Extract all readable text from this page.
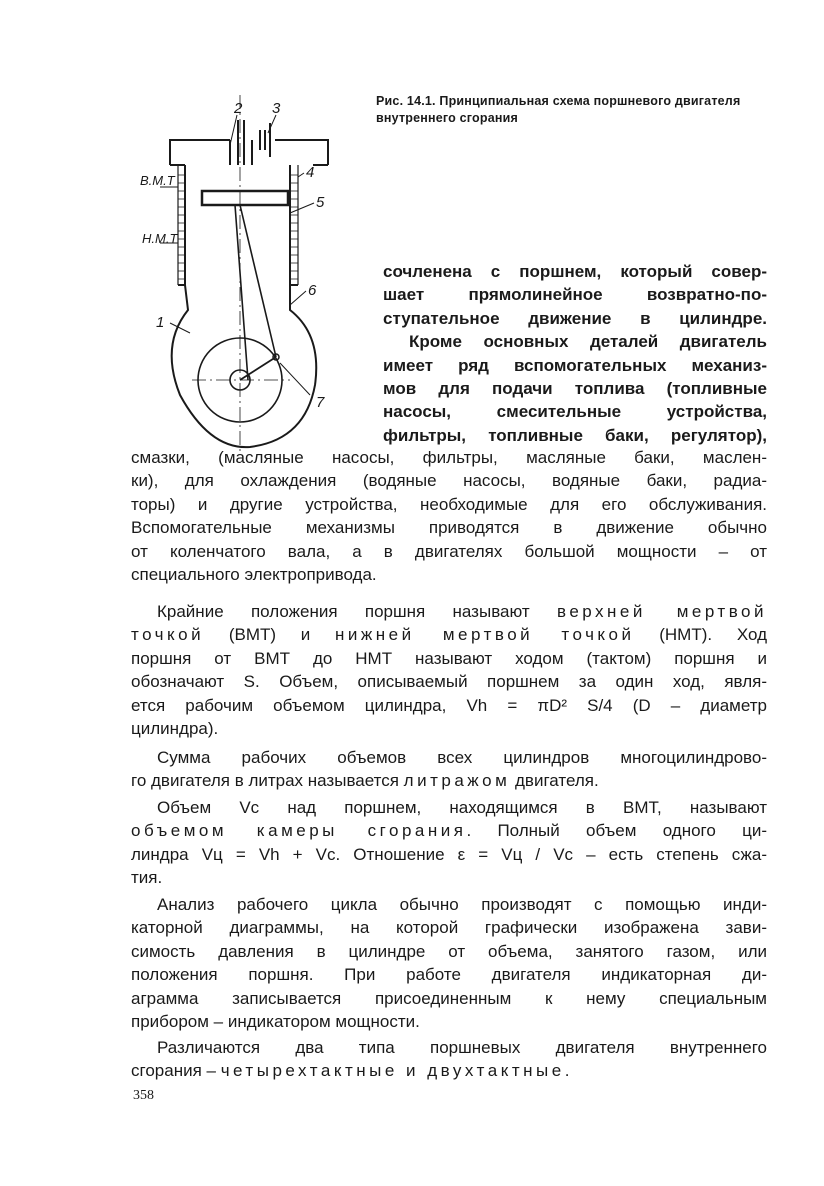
Рис. 14.1. Принципиальная схема поршневого двигателя внутреннего сгорания
2 3
4
5
6
1
7
В.М.Т
Н.М.Т
сочленена с поршнем, который совер-
шает прямолинейное возвратно-по-
ступательное движение в цилиндре.
Кроме основных деталей двигатель
имеет ряд вспомогательных механиз-
мов для подачи топлива (топливные
насосы, смесительные устройства,
фильтры, топливные баки, регулятор),
смазки, (масляные насосы, фильтры, масляные баки, маслен-
ки), для охлаждения (водяные насосы, водяные баки, радиа-
торы) и другие устройства, необходимые для его обслуживания.
Вспомогательные механизмы приводятся в движение обычно
от коленчатого вала, а в двигателях большой мощности – от
специального электропривода.
Крайние положения поршня называют верхней мертвой
точкой (ВМТ) и нижней мертвой точкой (НМТ). Ход
поршня от ВМТ до НМТ называют ходом (тактом) поршня и
обозначают S. Объем, описываемый поршнем за один ход, явля-
ется рабочим объемом цилиндра, Vh = πD² S/4 (D – диаметр
цилиндра).
Сумма рабочих объемов всех цилиндров многоцилиндрово-
го двигателя в литрах называется литражом двигателя.
Объем Vc над поршнем, находящимся в ВМТ, называют
объемом камеры сгорания. Полный объем одного ци-
линдра Vц = Vh + Vc. Отношение ε = Vц / Vc – есть степень сжа-
тия.
Анализ рабочего цикла обычно производят с помощью инди-
каторной диаграммы, на которой графически изображена зави-
симость давления в цилиндре от объема, занятого газом, или
положения поршня. При работе двигателя индикаторная ди-
аграмма записывается присоединенным к нему специальным
прибором – индикатором мощности.
Различаются два типа поршневых двигателя внутреннего
сгорания – четырехтактные и двухтактные.
358
